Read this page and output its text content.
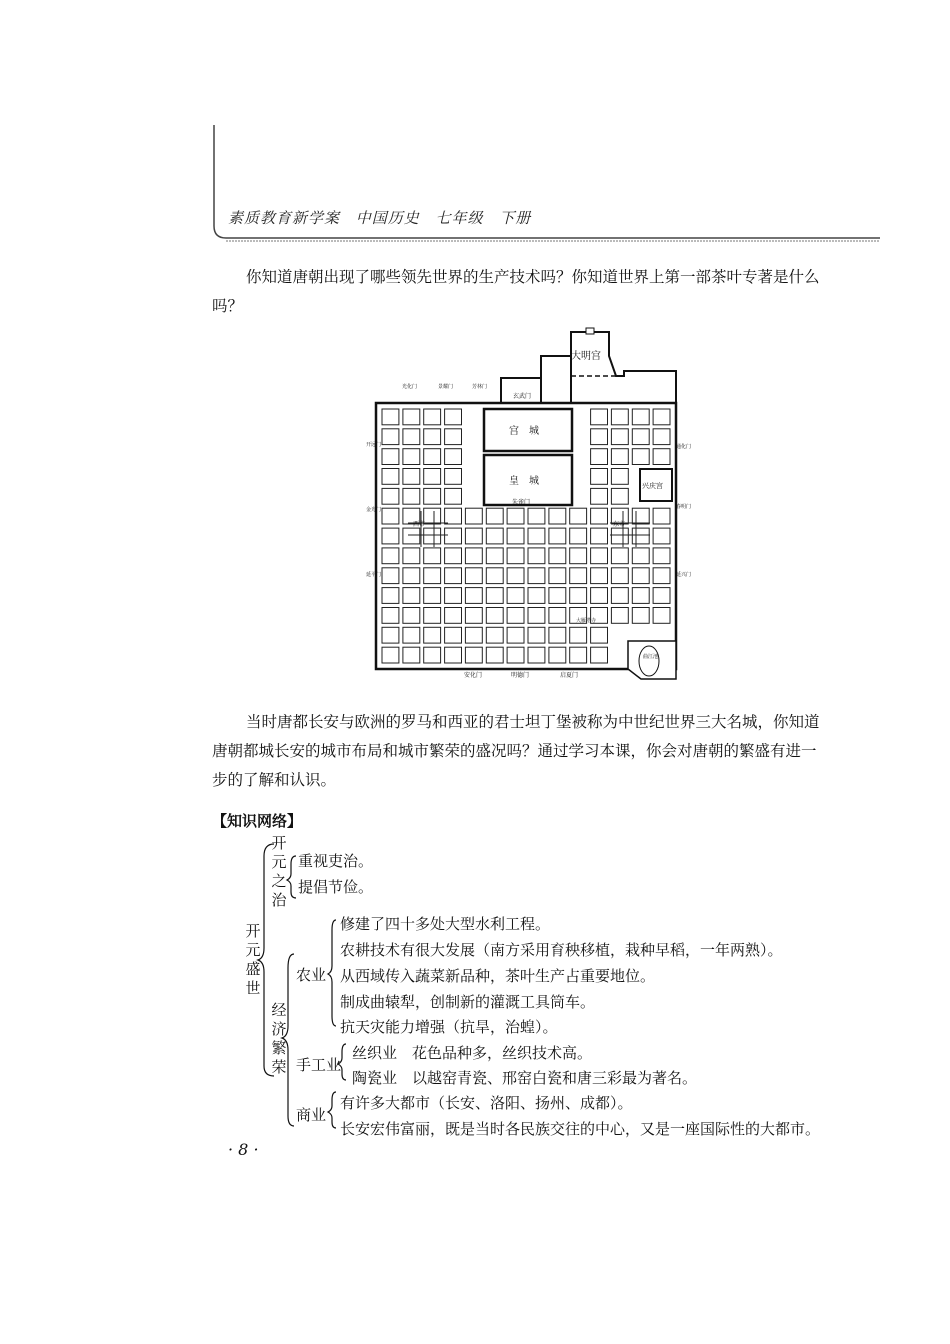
素质教育新学案 中国历史 七年级 下册
你知道唐朝出现了哪些领先世界的生产技术吗？你知道世界上第一部茶叶专著是什么
吗？
大明宫
玄武门
宫　城
皇　城
朱雀门
兴庆宫
光化门	景耀门	芳林门
开远门
金光门
延平门
通化门
春明门
延兴门
安化门	明德门	启夏门
曲江池
大雁塔寺
西市	东市
当时唐都长安与欧洲的罗马和西亚的君士坦丁堡被称为中世纪世界三大名城，你知道
唐朝都城长安的城市布局和城市繁荣的盛况吗？通过学习本课，你会对唐朝的繁盛有进一
步的了解和认识。
【知识网络】
开
元
盛
世
开
元
之
治
重视吏治。
提倡节俭。
经
济
繁
荣
农业
修建了四十多处大型水利工程。
农耕技术有很大发展（南方采用育秧移植，栽种早稻，一年两熟）。
从西域传入蔬菜新品种，茶叶生产占重要地位。
制成曲辕犁，创制新的灌溉工具筒车。
抗天灾能力增强（抗旱，治蝗）。
手工业
丝织业　花色品种多，丝织技术高。
陶瓷业　以越窑青瓷、邢窑白瓷和唐三彩最为著名。
商业
有许多大都市（长安、洛阳、扬州、成都）。
长安宏伟富丽，既是当时各民族交往的中心，又是一座国际性的大都市。
· 8 ·
